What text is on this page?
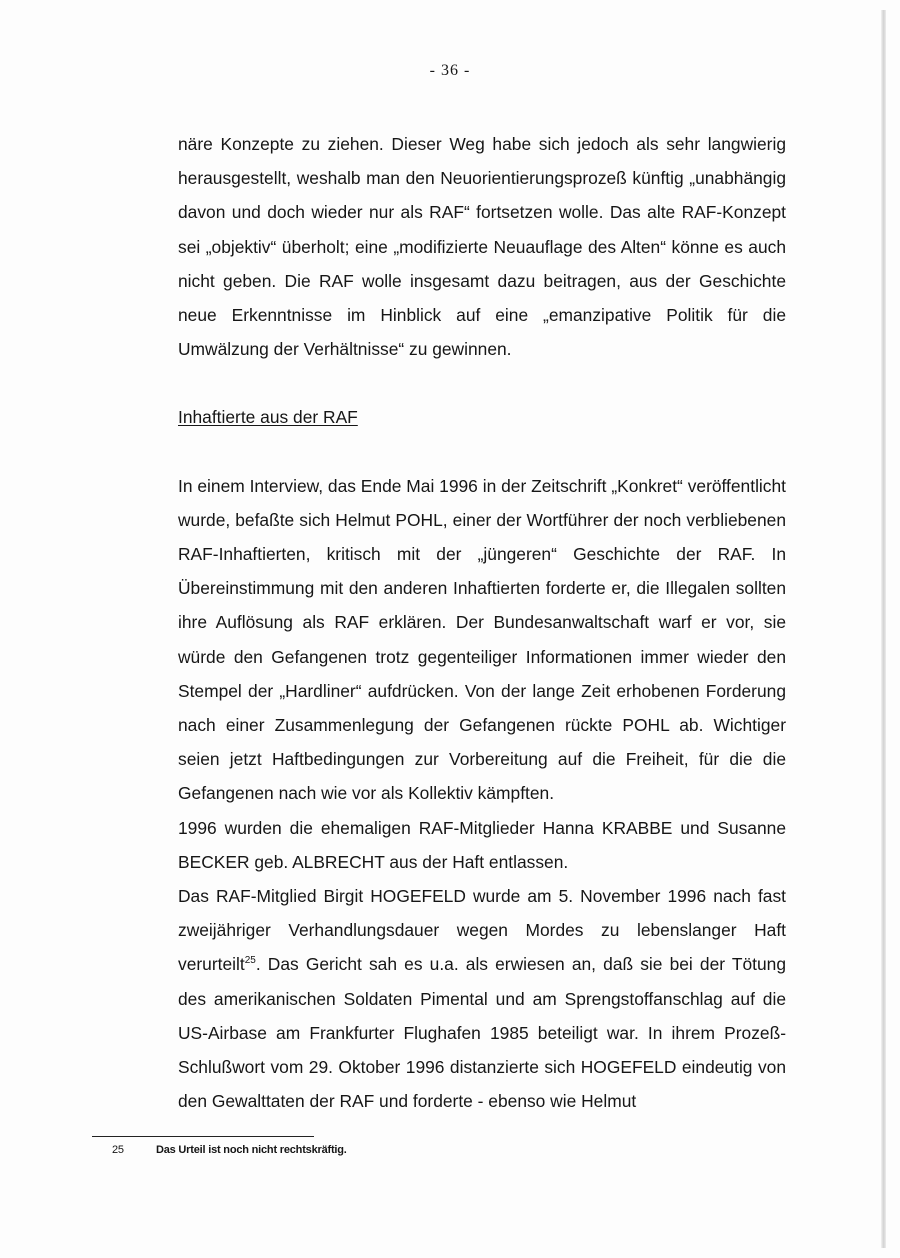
- 36 -

näre Konzepte zu ziehen. Dieser Weg habe sich jedoch als sehr langwierig herausgestellt, weshalb man den Neuorientierungsprozeß künftig „unabhängig davon und doch wieder nur als RAF“ fortsetzen wolle. Das alte RAF-Konzept sei „objektiv“ überholt; eine „modifizierte Neuauflage des Alten“ könne es auch nicht geben. Die RAF wolle insgesamt dazu beitragen, aus der Geschichte neue Erkenntnisse im Hinblick auf eine „emanzipative Politik für die Umwälzung der Verhältnisse“ zu gewinnen.

Inhaftierte aus der RAF

In einem Interview, das Ende Mai 1996 in der Zeitschrift „Konkret“ veröffentlicht wurde, befaßte sich Helmut POHL, einer der Wortführer der noch verbliebenen RAF-Inhaftierten, kritisch mit der „jüngeren“ Geschichte der RAF. In Übereinstimmung mit den anderen Inhaftierten forderte er, die Illegalen sollten ihre Auflösung als RAF erklären. Der Bundesanwaltschaft warf er vor, sie würde den Gefangenen trotz gegenteiliger Informationen immer wieder den Stempel der „Hardliner“ aufdrücken. Von der lange Zeit erhobenen Forderung nach einer Zusammenlegung der Gefangenen rückte POHL ab. Wichtiger seien jetzt Haftbedingungen zur Vorbereitung auf die Freiheit, für die die Gefangenen nach wie vor als Kollektiv kämpften.

1996 wurden die ehemaligen RAF-Mitglieder Hanna KRABBE und Susanne BECKER geb. ALBRECHT aus der Haft entlassen.

Das RAF-Mitglied Birgit HOGEFELD wurde am 5. November 1996 nach fast zweijähriger Verhandlungsdauer wegen Mordes zu lebenslanger Haft verurteilt$^{25}$. Das Gericht sah es u.a. als erwiesen an, daß sie bei der Tötung des amerikanischen Soldaten Pimental und am Sprengstoffanschlag auf die US-Airbase am Frankfurter Flughafen 1985 beteiligt war. In ihrem Prozeß-Schlußwort vom 29. Oktober 1996 distanzierte sich HOGEFELD eindeutig von den Gewalttaten der RAF und forderte - ebenso wie Helmut

25	Das Urteil ist noch nicht rechtskräftig.
